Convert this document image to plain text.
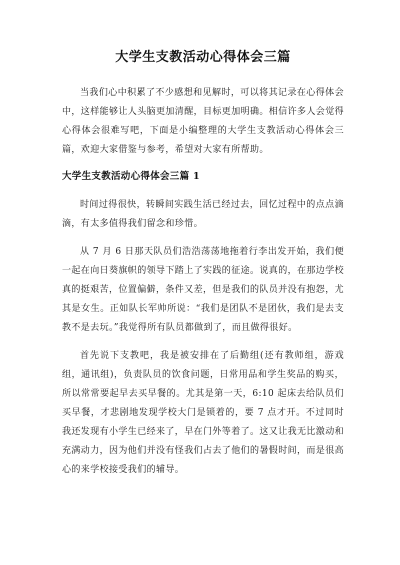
大学生支教活动心得体会三篇

当我们心中积累了不少感想和见解时，可以将其记录在心得体会中，这样能够让人头脑更加清醒，目标更加明确。相信许多人会觉得心得体会很难写吧，下面是小编整理的大学生支教活动心得体会三篇，欢迎大家借鉴与参考，希望对大家有所帮助。

大学生支教活动心得体会三篇 1

时间过得很快，转瞬间实践生活已经过去，回忆过程中的点点滴滴，有太多值得我们留念和珍惜。

从 7 月 6 日那天队员们浩浩荡荡地拖着行李出发开始，我们便一起在向日葵旗帜的领导下踏上了实践的征途。说真的，在那边学校真的挺艰苦，位置偏僻，条件又差，但是我们的队员并没有抱怨，尤其是女生。正如队长军帅所说：“我们是团队不是团伙，我们是去支教不是去玩。”我觉得所有队员都做到了，而且做得很好。

首先说下支教吧，我是被安排在了后勤组(还有教师组，游戏组，通讯组)，负责队员的饮食问题，日常用品和学生奖品的购买，所以常常要起早去买早餐的。尤其是第一天，6:10 起床去给队员们买早餐，才悲剧地发现学校大门是锁着的，要 7 点才开。不过同时我还发现有小学生已经来了，早在门外等着了。这又让我无比激动和充满动力，因为他们并没有怪我们占去了他们的暑假时间，而是很高心的来学校接受我们的辅导。
